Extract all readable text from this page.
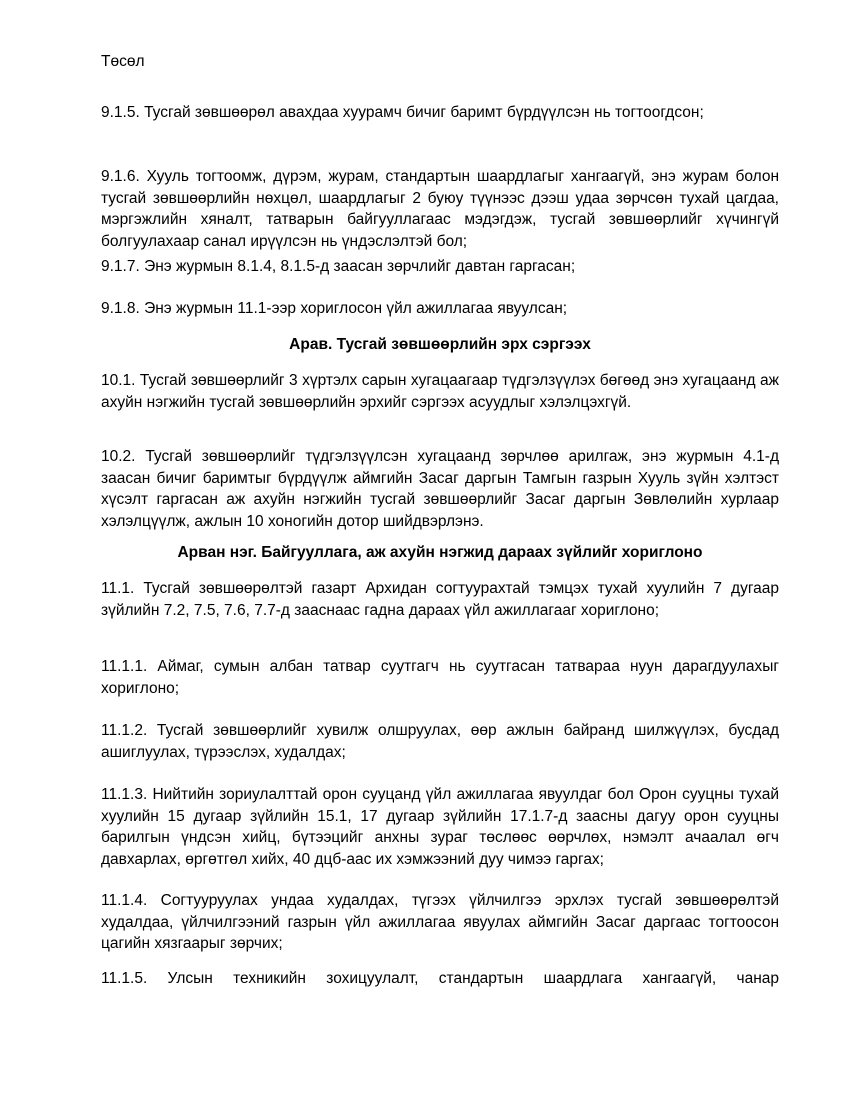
Төсөл

9.1.5. Тусгай зөвшөөрөл авахдаа хуурамч бичиг баримт бүрдүүлсэн нь тогтоогдсон;

9.1.6. Хууль тогтоомж, дүрэм, журам, стандартын шаардлагыг хангаагүй, энэ журам болон тусгай зөвшөөрлийн нөхцөл, шаардлагыг 2 буюу түүнээс дээш удаа зөрчсөн тухай цагдаа, мэргэжлийн хяналт, татварын байгууллагаас мэдэгдэж, тусгай зөвшөөрлийг хүчингүй болгуулахаар санал ирүүлсэн нь үндэслэлтэй бол;

9.1.7. Энэ журмын 8.1.4, 8.1.5-д заасан зөрчлийг давтан гаргасан;

9.1.8. Энэ журмын 11.1-ээр хориглосон үйл ажиллагаа явуулсан;

Арав. Тусгай зөвшөөрлийн эрх сэргээх

10.1. Тусгай зөвшөөрлийг 3 хүртэлх сарын хугацаагаар түдгэлзүүлэх бөгөөд энэ хугацаанд аж ахуйн нэгжийн тусгай зөвшөөрлийн эрхийг сэргээх асуудлыг хэлэлцэхгүй.

10.2. Тусгай зөвшөөрлийг түдгэлзүүлсэн хугацаанд зөрчлөө арилгаж, энэ журмын 4.1-д заасан бичиг баримтыг бүрдүүлж аймгийн Засаг даргын Тамгын газрын Хууль зүйн хэлтэст хүсэлт гаргасан аж ахуйн нэгжийн тусгай зөвшөөрлийг Засаг даргын Зөвлөлийн хурлаар хэлэлцүүлж, ажлын 10 хоногийн дотор шийдвэрлэнэ.

Арван нэг. Байгууллага, аж ахуйн нэгжид дараах зүйлийг хориглоно

11.1. Тусгай зөвшөөрөлтэй газарт Архидан согтуурахтай тэмцэх тухай хуулийн 7 дугаар зүйлийн 7.2, 7.5, 7.6, 7.7-д зааснаас гадна дараах үйл ажиллагааг хориглоно;

11.1.1. Аймаг, сумын албан татвар суутгагч нь суутгасан татвараа нуун дарагдуулахыг хориглоно;

11.1.2. Тусгай зөвшөөрлийг хувилж олшруулах, өөр ажлын байранд шилжүүлэх, бусдад ашиглуулах, түрээслэх, худалдах;

11.1.3. Нийтийн зориулалттай орон сууцанд үйл ажиллагаа явуулдаг бол Орон сууцны тухай хуулийн 15 дугаар зүйлийн 15.1, 17 дугаар зүйлийн 17.1.7-д заасны дагуу орон сууцны барилгын үндсэн хийц, бүтээцийг анхны зураг төслөөс өөрчлөх, нэмэлт ачаалал өгч давхарлах, өргөтгөл хийх, 40 дцб-аас их хэмжээний дуу чимээ гаргах;

11.1.4. Согтууруулах ундаа худалдах, түгээх үйлчилгээ эрхлэх тусгай зөвшөөрөлтэй худалдаа, үйлчилгээний газрын үйл ажиллагаа явуулах аймгийн Засаг даргаас тогтоосон цагийн хязгаарыг зөрчих;

11.1.5. Улсын техникийн зохицуулалт, стандартын шаардлага хангаагүй, чанар
